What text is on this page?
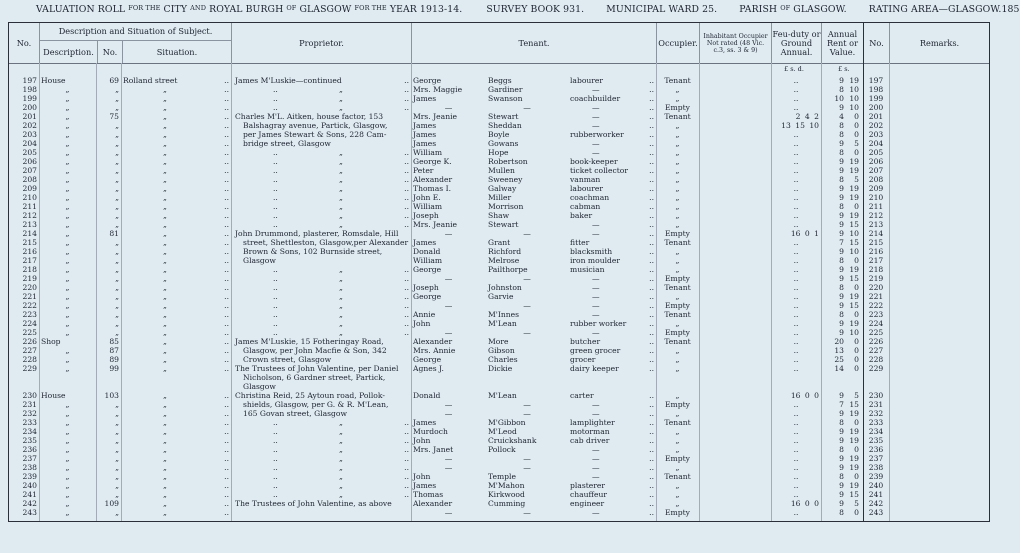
VALUATION ROLL
FOR THE
CITY
AND
ROYAL BURGH
OF
GLASGOW
FOR THE
YEAR 1913-14.	SURVEY BOOK 931. MUNICIPAL WARD 25. PARISH
OF
GLASGOW. RATING AREA—GLASGOW. 185
No.
Description and Situation of Subject.
Description.	No.	Situation.
Proprietor.	Tenant.	Occupier.
Inhabitant Occupier Not rated (48 Vic. c.3, ss. 3 & 9)
Feu-duty or Ground Annual.
Annual Rent or Value.
No.	Remarks.
£ s. d.	£ s.
197 House	69 Rolland street	.. James M'Luskie—continued	.. George	Beggs	labourer	..	Tenant	..	9 19	197
198	„	„	„	..	..	„	.. Mrs. Maggie	Gardiner	—	..	„	..	8 10	198
199	„	„	„	..	..	„	.. James	Swanson	coachbuilder	..	„	..	10 10	199
200	„	„	„	..	..	„	..	—	—	—	..	Empty	..	9 10	200
201	„	75	„	.. Charles M'L. Aitken, house factor, 153	Mrs. Jeanie	Stewart	—	..	Tenant	2 4 2	4	0	201
202	„	„	„	.. Balshagray avenue, Partick, Glasgow,	James	Sheddan	—	..	„	13 15 10	8	0	202
203	„	„	„	.. per James Stewart & Sons, 228 Cam-	James	Boyle	rubberworker	..	„	..	8	0	203
204	„	„	„	.. bridge street, Glasgow	James	Gowans	—	..	„	..	9	5	204
205	„	„	„	..	..	„	.. William	Hope	—	..	„	..	8	0	205
206	„	„	„	..	..	„	.. George K.	Robertson	book-keeper	..	„	..	9 19	206
207	„	„	„	..	..	„	.. Peter	Mullen	ticket collector	..	„	..	9 19	207
208	„	„	„	..	..	„	.. Alexander	Sweeney	vanman	..	„	..	8	5	208
209	„	„	„	..	..	„	.. Thomas I.	Galway	labourer	..	„	..	9 19	209
210	„	„	„	..	..	„	.. John E.	Miller	coachman	..	„	..	9 19	210
211	„	„	„	..	..	„	.. William	Morrison	cabman	..	„	..	8	0	211
212	„	„	„	..	..	„	.. Joseph	Shaw	baker	..	„	..	9 19	212
213	„	„	„	..	..	„	.. Mrs. Jeanie	Stewart	—	..	„	..	9 15	213
214	„	81	„	.. John Drummond, plasterer, Romsdale, Hill	—	—	—	..	Empty	16 0 1	9 10	214
215	„	„	„	.. street, Shettleston, Glasgow,per Alexander James	Grant	fitter	..	Tenant	..	7 15	215
216	„	„	„	.. Brown & Sons, 102 Burnside street,	Donald	Richford	blacksmith	..	„	..	9 10	216
217	„	„	„	.. Glasgow	William	Melrose	iron moulder	..	„	..	8	0	217
218	„	„	„	..	..	„	.. George	Pailthorpe	musician	..	„	..	9 19	218
219	„	„	„	..	..	„	..	—	—	—	..	Empty	..	9 15	219
220	„	„	„	..	..	„	.. Joseph	Johnston	—	..	Tenant	..	8	0	220
221	„	„	„	..	..	„	.. George	Garvie	—	..	„	..	9 19	221
222	„	„	„	..	..	„	..	—	—	—	..	Empty	..	9 15	222
223	„	„	„	..	..	„	.. Annie	M'Innes	—	..	Tenant	..	8	0	223
224	„	„	„	..	..	„	.. John	M'Lean	rubber worker	..	„	..	9 19	224
225	„	„	„	..	..	„	..	—	—	—	..	Empty	..	9 10	225
226 Shop	85	„	.. James M'Luskie, 15 Fotheringay Road,	Alexander	More	butcher	..	Tenant	..	20	0	226
227	„	87	„	.. Glasgow, per John Macfie & Son, 342	Mrs. Annie	Gibson	green grocer	..	„	..	13	0	227
228	„	89	„	.. Crown street, Glasgow	George	Charles	grocer	..	„	..	25	0	228
229	„	99	„	.. The Trustees of John Valentine, per Daniel Agnes J.	Dickie	dairy keeper	..	„	..	14	0	229
Nicholson, 6 Gardner street, Partick,
Glasgow
230 House	103	„	.. Christina Reid, 25 Aytoun road, Pollok-	Donald	M'Lean	carter	..	„	16 0 0	9	5	230
231	„	„	„	.. shields, Glasgow, per G. & R. M'Lean,	—	—	—	..	Empty	..	7 15	231
232	„	„	„	.. 165 Govan street, Glasgow	—	—	—	..	„	..	9 19	232
233	„	„	„	..	..	„	.. James	M'Gibbon	lamplighter	..	Tenant	..	8	0	233
234	„	„	„	..	..	„	.. Murdoch	M'Leod	motorman	..	„	..	9 19	234
235	„	„	„	..	..	„	.. John	Cruickshank	cab driver	..	„	..	9 19	235
236	„	„	„	..	..	„	.. Mrs. Janet	Pollock	—	..	„	..	8	0	236
237	„	„	„	..	..	„	..	—	—	—	..	Empty	..	9 19	237
238	„	„	„	..	..	„	..	—	—	—	..	„	..	9 19	238
239	„	„	„	..	..	„	.. John	Temple	—	..	Tenant	..	8	0	239
240	„	„	„	..	..	„	.. James	M'Mahon	plasterer	..	„	..	9 19	240
241	„	„	„	..	..	„	.. Thomas	Kirkwood	chauffeur	..	„	..	9 15	241
242	„	109	„	.. The Trustees of John Valentine, as above	Alexander	Cumming	engineer	..	„	16 0 0	9	5	242
243	„	„	„	..	—	—	—	..	Empty	..	8	0	243
